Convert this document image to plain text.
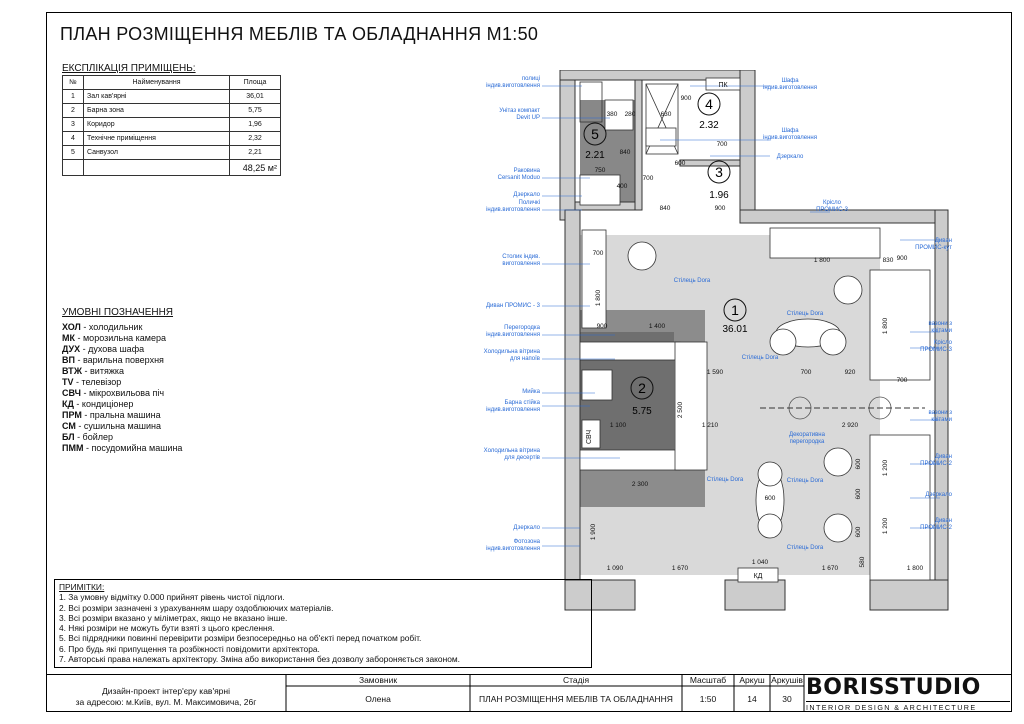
ПЛАН РОЗМІЩЕННЯ МЕБЛІВ ТА ОБЛАДНАННЯ М1:50
ЕКСПЛІКАЦІЯ ПРИМІЩЕНЬ:
№	Найменування	Площа
1	Зал кав'ярні	36,01
2	Барна зона	5,75
3	Коридор	1,96
4	Технічне приміщення	2,32
5	Санвузол	2,21
		48,25 м²
УМОВНІ ПОЗНАЧЕННЯ
ХОЛ - холодильник
МК - морозильна камера
ДУХ - духова шафа
ВП - варильна поверхня
ВТЖ - витяжка
TV - телевізор
СВЧ - мікрохвильова піч
КД - кондиціонер
ПРМ - пральна машина
СМ - сушильна машина
БЛ - бойлер
ПММ - посудомийна машина
1
2
3
4
5
36.01
5.75
1.96
2.32
2.21
полиці
індив.виготовлення
Унітаз компакт
Devit UP
Раковина
Cersanit Moduo
Дзеркало
Поличкі
індив.виготовлення
Столик індив.
виготовлення
Диван ПРОМИС - 3
Перегородка
індив.виготовлення
Холодильна вітрина
для напоїв
Мийка
Барна стійка
індив.виготовлення
Холодильна вітрина
для десертів
Дзеркало
Фотозона
індив.виготовлення
Шафа
індив.виготовлення
Шафа
індив.виготовлення
Дзеркало
Крісло
ПРОМИС-3
Диван
ПРОМИС-кут
вазони з
квітами
Крісло
ПРОМИС-3
вазони з
квітами
Диван
ПРОМИС-2
Дзеркало
Диван
ПРОМИС-2
Стілець Dora
Стілець Dora
Стілець Dora
Стілець Dora	Стілець Dora
Стілець Dora
Декоративна
перегородка
ПК
КД
СВЧ
630
900
380 280
600
700
750
400
700
840
900
840
1 800
700
900	1 400
900
1 590	700	920
700
1 100
2 500
1 210	2 920
2 300
1 800
1 200
1 200
600
600
600
600
1 900
1 090	1 670
1 040
1 670
1 800
580
830
1 800
ПРИМІТКИ:
1. За умовну відмітку 0.000 прийнят рівень чистої підлоги.
2. Всі розміри зазначені з урахуванням шару оздоблюючих матеріалів.
3. Всі розміри вказано у міліметрах, якщо не вказано інше.
4. Някі розміри не можуть бути взяті з цього креслення.
5. Всі підрядники повинні перевірити розміри безпосередньо на об'єкті перед початком робіт.
6. Про будь які припущення та розбіжності повідомити архітектора.
7. Авторські права належать архітектору. Зміна або використання без дозволу забороняється законом.
Дизайн-проект інтер'єру кав'ярні
за адресою: м.Київ, вул. М. Максимовича, 26г
Замовник
Олена
Стадія
ПЛАН РОЗМІЩЕННЯ МЕБЛІВ ТА ОБЛАДНАННЯ
Масштаб
1:50
Аркуш
14
Аркушів
30 BORISSTUDIO
INTERIOR DESIGN & ARCHITECTURE
